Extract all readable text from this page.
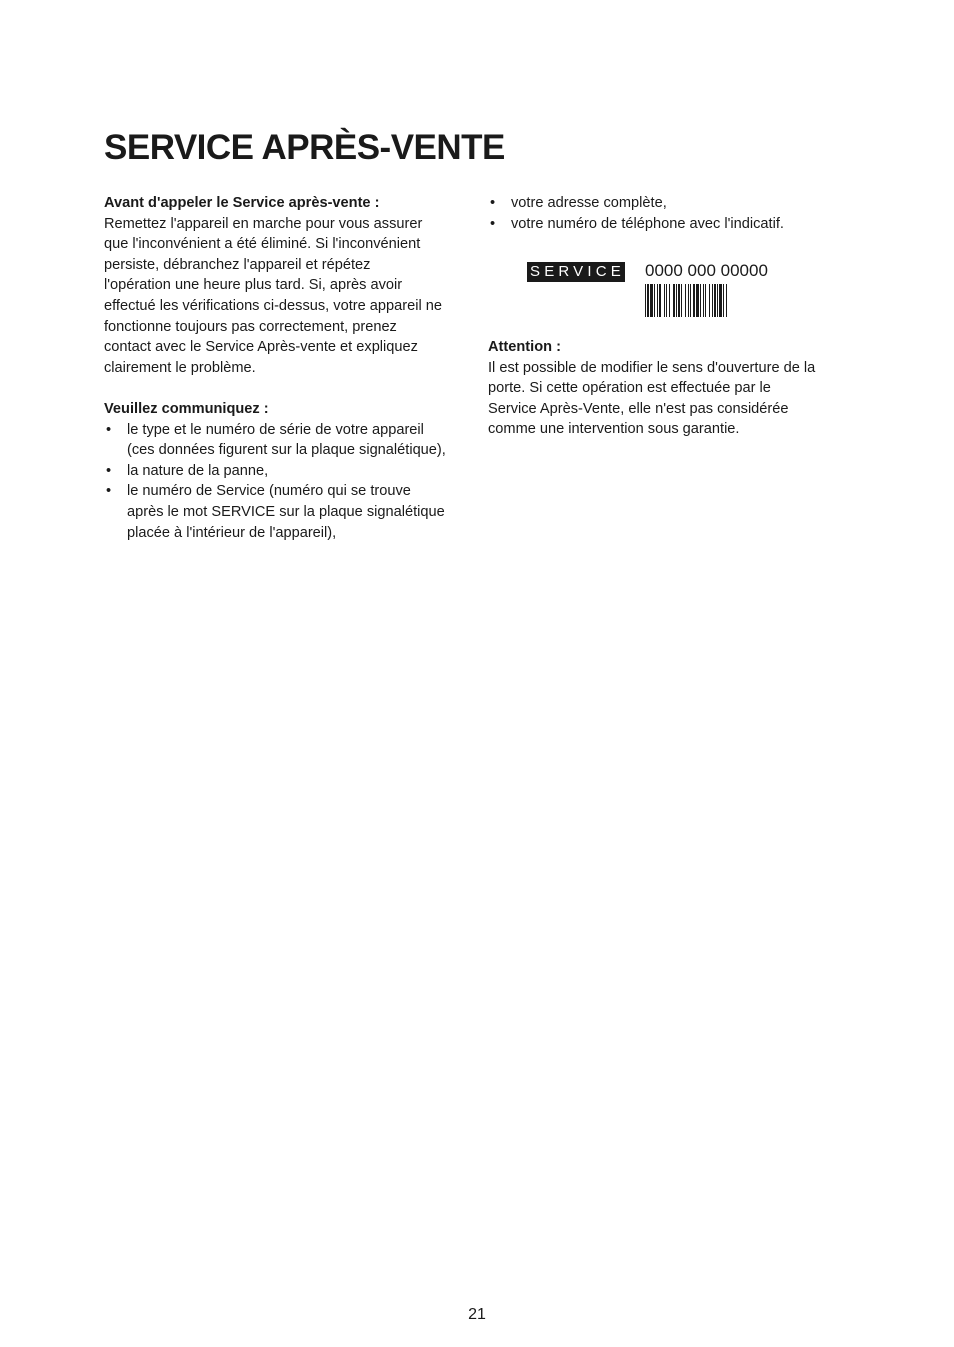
SERVICE APRÈS-VENTE

Avant d'appeler le Service après-vente :

Remettez l'appareil en marche pour vous assurer

que l'inconvénient a été éliminé. Si l'inconvénient

persiste, débranchez l'appareil et répétez

l'opération une heure plus tard. Si, après avoir

effectué les vérifications ci-dessus, votre appareil ne

fonctionne toujours pas correctement, prenez

contact avec le Service Après-vente et expliquez

clairement le problème.

Veuillez communiquez :

• le type et le numéro de série de votre appareil
(ces données figurent sur la plaque signalétique),
• la nature de la panne,
• le numéro de Service (numéro qui se trouve
après le mot SERVICE sur la plaque signalétique
placée à l'intérieur de l'appareil),
• votre adresse complète,
• votre numéro de téléphone avec l'indicatif.
SERVICE 0000 000 00000

Attention :

Il est possible de modifier le sens d'ouverture de la

porte. Si cette opération est effectuée par le

Service Après-Vente, elle n'est pas considérée

comme une intervention sous garantie.

21
